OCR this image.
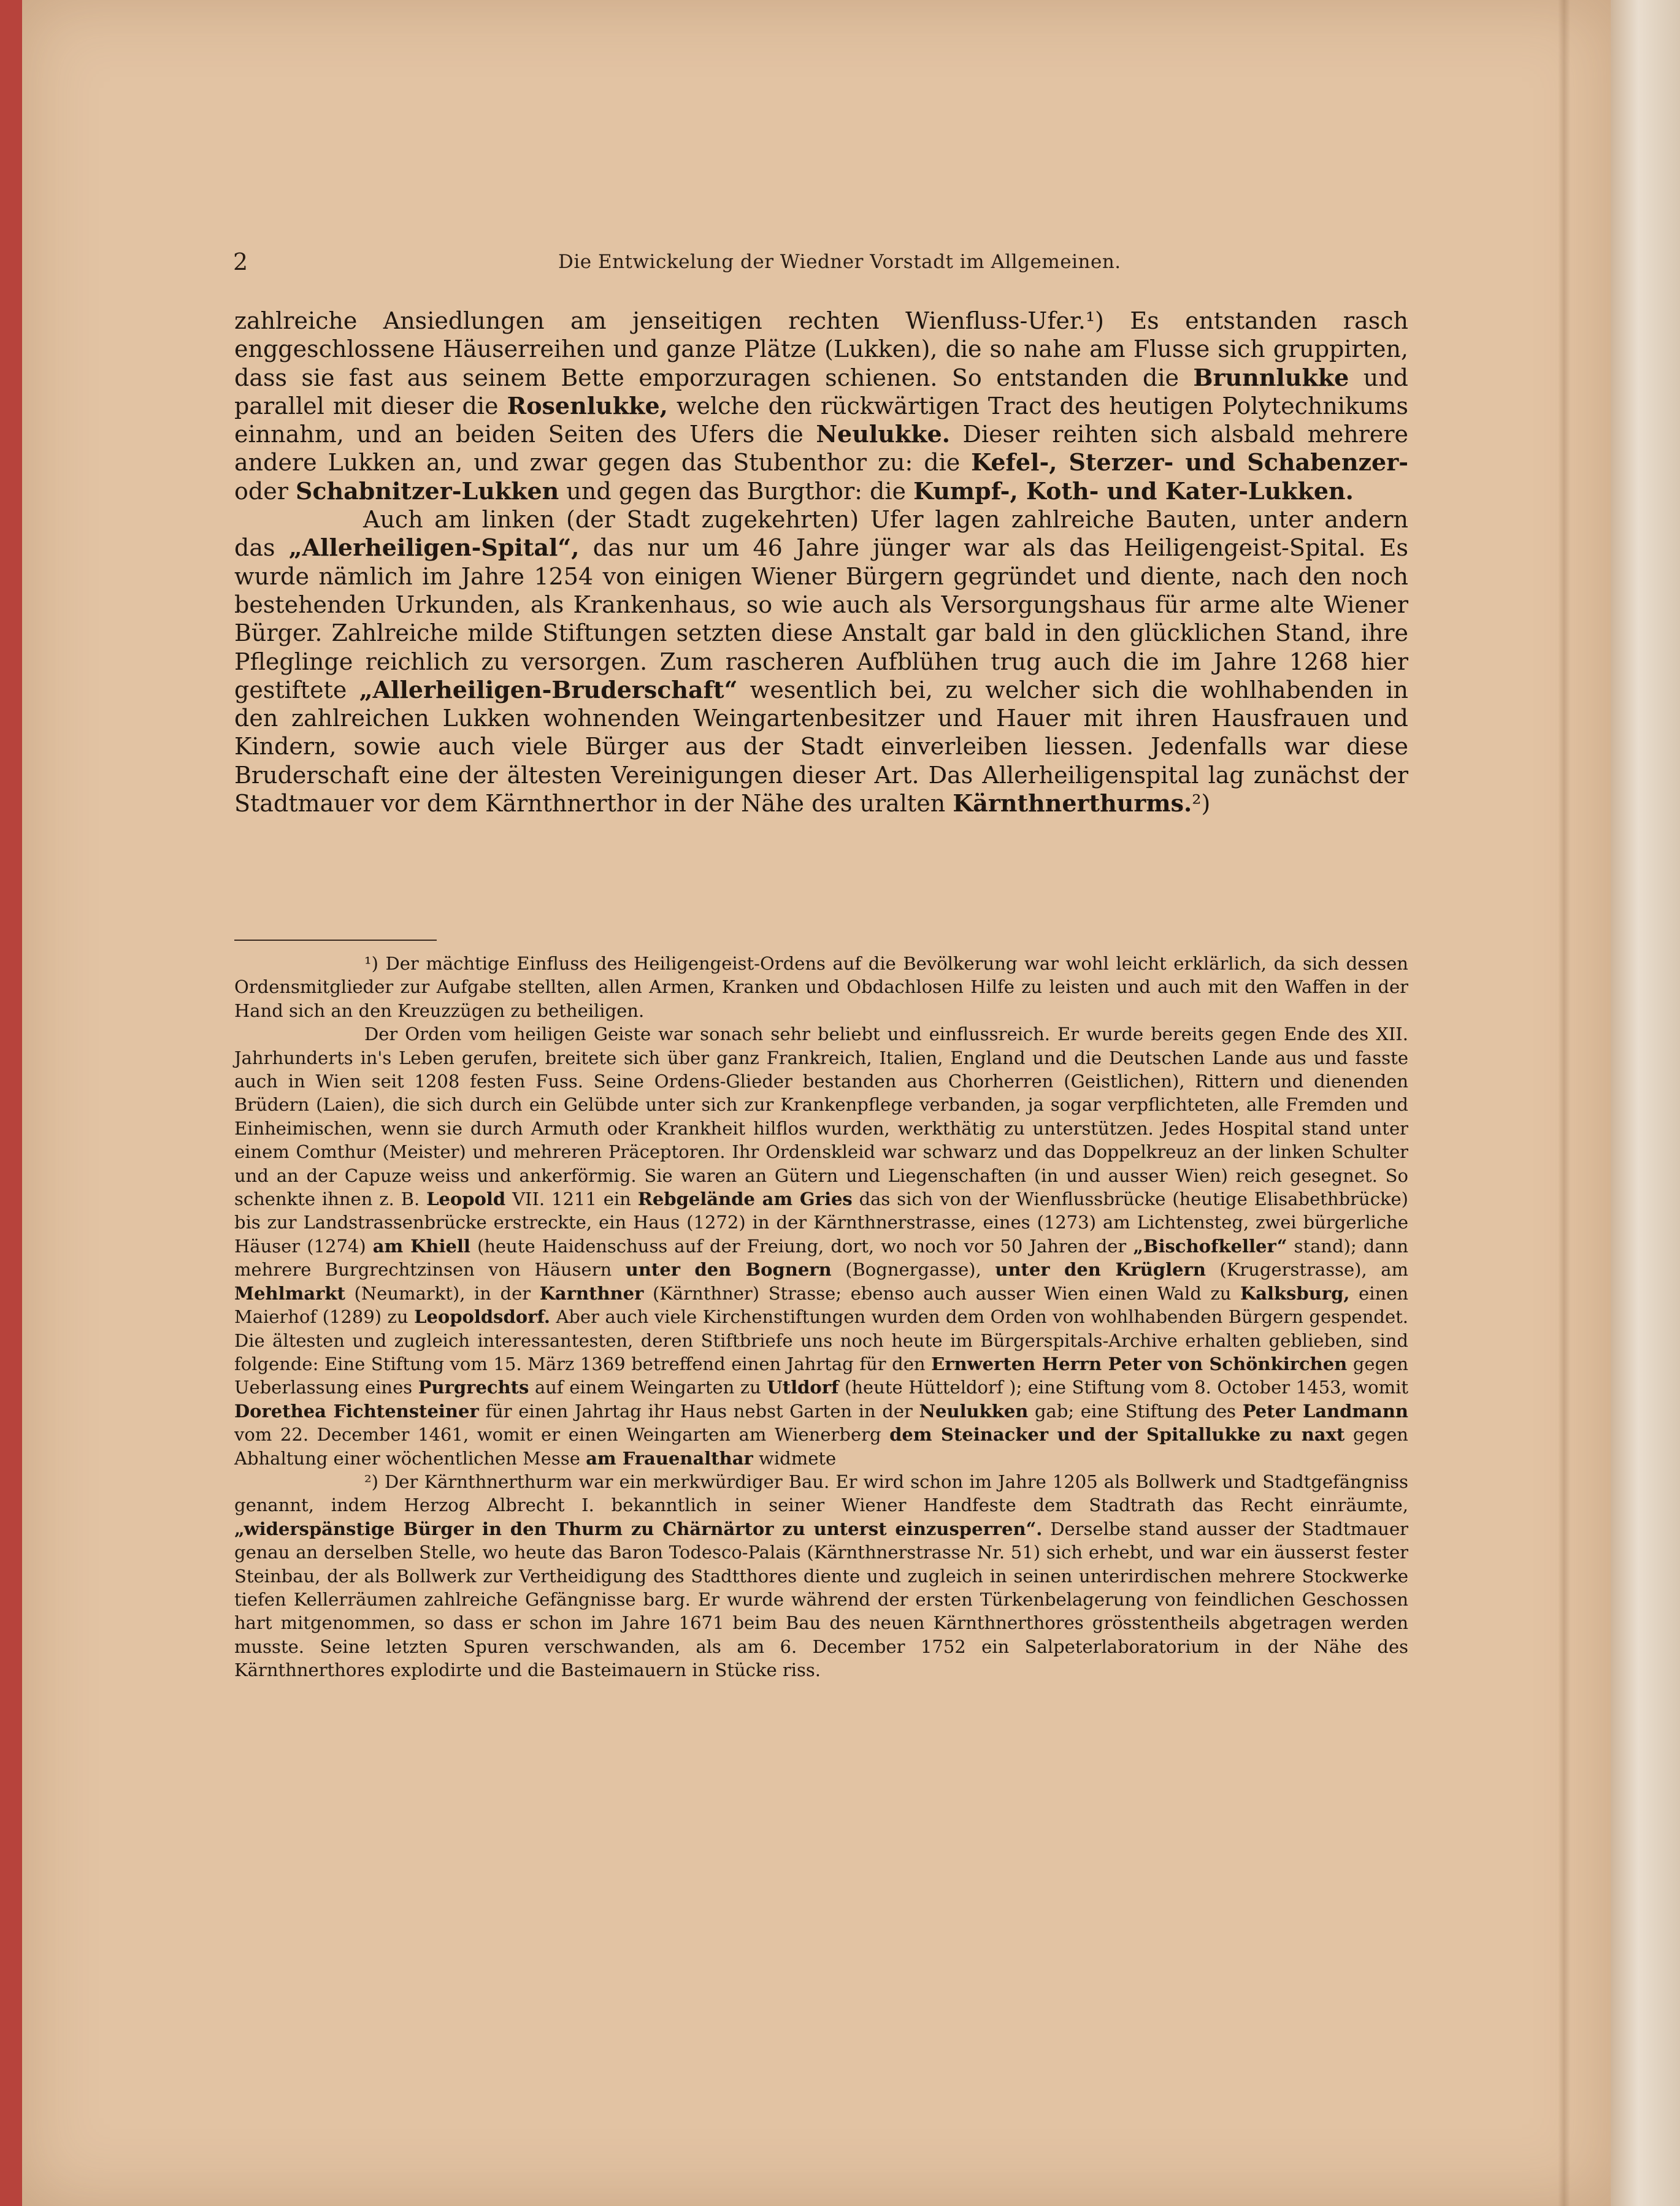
2	Die Entwickelung der Wiedner Vorstadt im Allgemeinen.

zahlreiche Ansiedlungen am jenseitigen rechten Wienfluss-Ufer.¹) Es entstanden rasch enggeschlossene Häuserreihen und ganze Plätze (Lukken), die so nahe am Flusse sich gruppirten, dass sie fast aus seinem Bette emporzuragen schienen. So entstanden die Brunnlukke und parallel mit dieser die Rosenlukke, welche den rückwärtigen Tract des heutigen Polytechnikums einnahm, und an beiden Seiten des Ufers die Neulukke. Dieser reihten sich alsbald mehrere andere Lukken an, und zwar gegen das Stubenthor zu: die Kefel-, Sterzer- und Schabenzer- oder Schabnitzer-Lukken und gegen das Burgthor: die Kumpf-, Koth- und Kater-Lukken.

Auch am linken (der Stadt zugekehrten) Ufer lagen zahlreiche Bauten, unter andern das „Allerheiligen-Spital“, das nur um 46 Jahre jünger war als das Heiligengeist-Spital. Es wurde nämlich im Jahre 1254 von einigen Wiener Bürgern gegründet und diente, nach den noch bestehenden Urkunden, als Krankenhaus, so wie auch als Versorgungshaus für arme alte Wiener Bürger. Zahlreiche milde Stiftungen setzten diese Anstalt gar bald in den glücklichen Stand, ihre Pfleglinge reichlich zu versorgen. Zum rascheren Aufblühen trug auch die im Jahre 1268 hier gestiftete „Allerheiligen-Bruderschaft“ wesentlich bei, zu welcher sich die wohlhabenden in den zahlreichen Lukken wohnenden Weingartenbesitzer und Hauer mit ihren Hausfrauen und Kindern, sowie auch viele Bürger aus der Stadt einverleiben liessen. Jedenfalls war diese Bruderschaft eine der ältesten Vereinigungen dieser Art. Das Allerheiligenspital lag zunächst der Stadtmauer vor dem Kärnthnerthor in der Nähe des uralten Kärnthnerthurms.²)

¹) Der mächtige Einfluss des Heiligengeist-Ordens auf die Bevölkerung war wohl leicht erklärlich, da sich dessen Ordensmitglieder zur Aufgabe stellten, allen Armen, Kranken und Obdachlosen Hilfe zu leisten und auch mit den Waffen in der Hand sich an den Kreuzzügen zu betheiligen.

Der Orden vom heiligen Geiste war sonach sehr beliebt und einflussreich. Er wurde bereits gegen Ende des XII. Jahrhunderts in's Leben gerufen, breitete sich über ganz Frankreich, Italien, England und die Deutschen Lande aus und fasste auch in Wien seit 1208 festen Fuss. Seine Ordens-Glieder bestanden aus Chorherren (Geistlichen), Rittern und dienenden Brüdern (Laien), die sich durch ein Gelübde unter sich zur Krankenpflege verbanden, ja sogar verpflichteten, alle Fremden und Einheimischen, wenn sie durch Armuth oder Krankheit hilflos wurden, werkthätig zu unterstützen. Jedes Hospital stand unter einem Comthur (Meister) und mehreren Präceptoren. Ihr Ordenskleid war schwarz und das Doppelkreuz an der linken Schulter und an der Capuze weiss und ankerförmig. Sie waren an Gütern und Liegenschaften (in und ausser Wien) reich gesegnet. So schenkte ihnen z. B. Leopold VII. 1211 ein Rebgelände am Gries das sich von der Wienflussbrücke (heutige Elisabethbrücke) bis zur Landstrassenbrücke erstreckte, ein Haus (1272) in der Kärnthnerstrasse, eines (1273) am Lichtensteg, zwei bürgerliche Häuser (1274) am Khiell (heute Haidenschuss auf der Freiung, dort, wo noch vor 50 Jahren der „Bischofkeller“ stand); dann mehrere Burgrechtzinsen von Häusern unter den Bognern (Bognergasse), unter den Krüglern (Krugerstrasse), am Mehlmarkt (Neumarkt), in der Karnthner (Kärnthner) Strasse; ebenso auch ausser Wien einen Wald zu Kalksburg, einen Maierhof (1289) zu Leopoldsdorf. Aber auch viele Kirchenstiftungen wurden dem Orden von wohlhabenden Bürgern gespendet. Die ältesten und zugleich interessantesten, deren Stiftbriefe uns noch heute im Bürgerspitals-Archive erhalten geblieben, sind folgende: Eine Stiftung vom 15. März 1369 betreffend einen Jahrtag für den Ernwerten Herrn Peter von Schönkirchen gegen Ueberlassung eines Purgrechts auf einem Weingarten zu Utldorf (heute Hütteldorf ); eine Stiftung vom 8. October 1453, womit Dorethea Fichtensteiner für einen Jahrtag ihr Haus nebst Garten in der Neulukken gab; eine Stiftung des Peter Landmann vom 22. December 1461, womit er einen Weingarten am Wienerberg dem Steinacker und der Spitallukke zu naxt gegen Abhaltung einer wöchentlichen Messe am Frauenalthar widmete

²) Der Kärnthnerthurm war ein merkwürdiger Bau. Er wird schon im Jahre 1205 als Bollwerk und Stadtgefängniss genannt, indem Herzog Albrecht I. bekanntlich in seiner Wiener Handfeste dem Stadtrath das Recht einräumte, „widerspänstige Bürger in den Thurm zu Chärnärtor zu unterst einzusperren“. Derselbe stand ausser der Stadtmauer genau an derselben Stelle, wo heute das Baron Todesco-Palais (Kärnthnerstrasse Nr. 51) sich erhebt, und war ein äusserst fester Steinbau, der als Bollwerk zur Vertheidigung des Stadtthores diente und zugleich in seinen unterirdischen mehrere Stockwerke tiefen Kellerräumen zahlreiche Gefängnisse barg. Er wurde während der ersten Türkenbelagerung von feindlichen Geschossen hart mitgenommen, so dass er schon im Jahre 1671 beim Bau des neuen Kärnthnerthores grösstentheils abgetragen werden musste. Seine letzten Spuren verschwanden, als am 6. December 1752 ein Salpeterlaboratorium in der Nähe des Kärnthnerthores explodirte und die Basteimauern in Stücke riss.
